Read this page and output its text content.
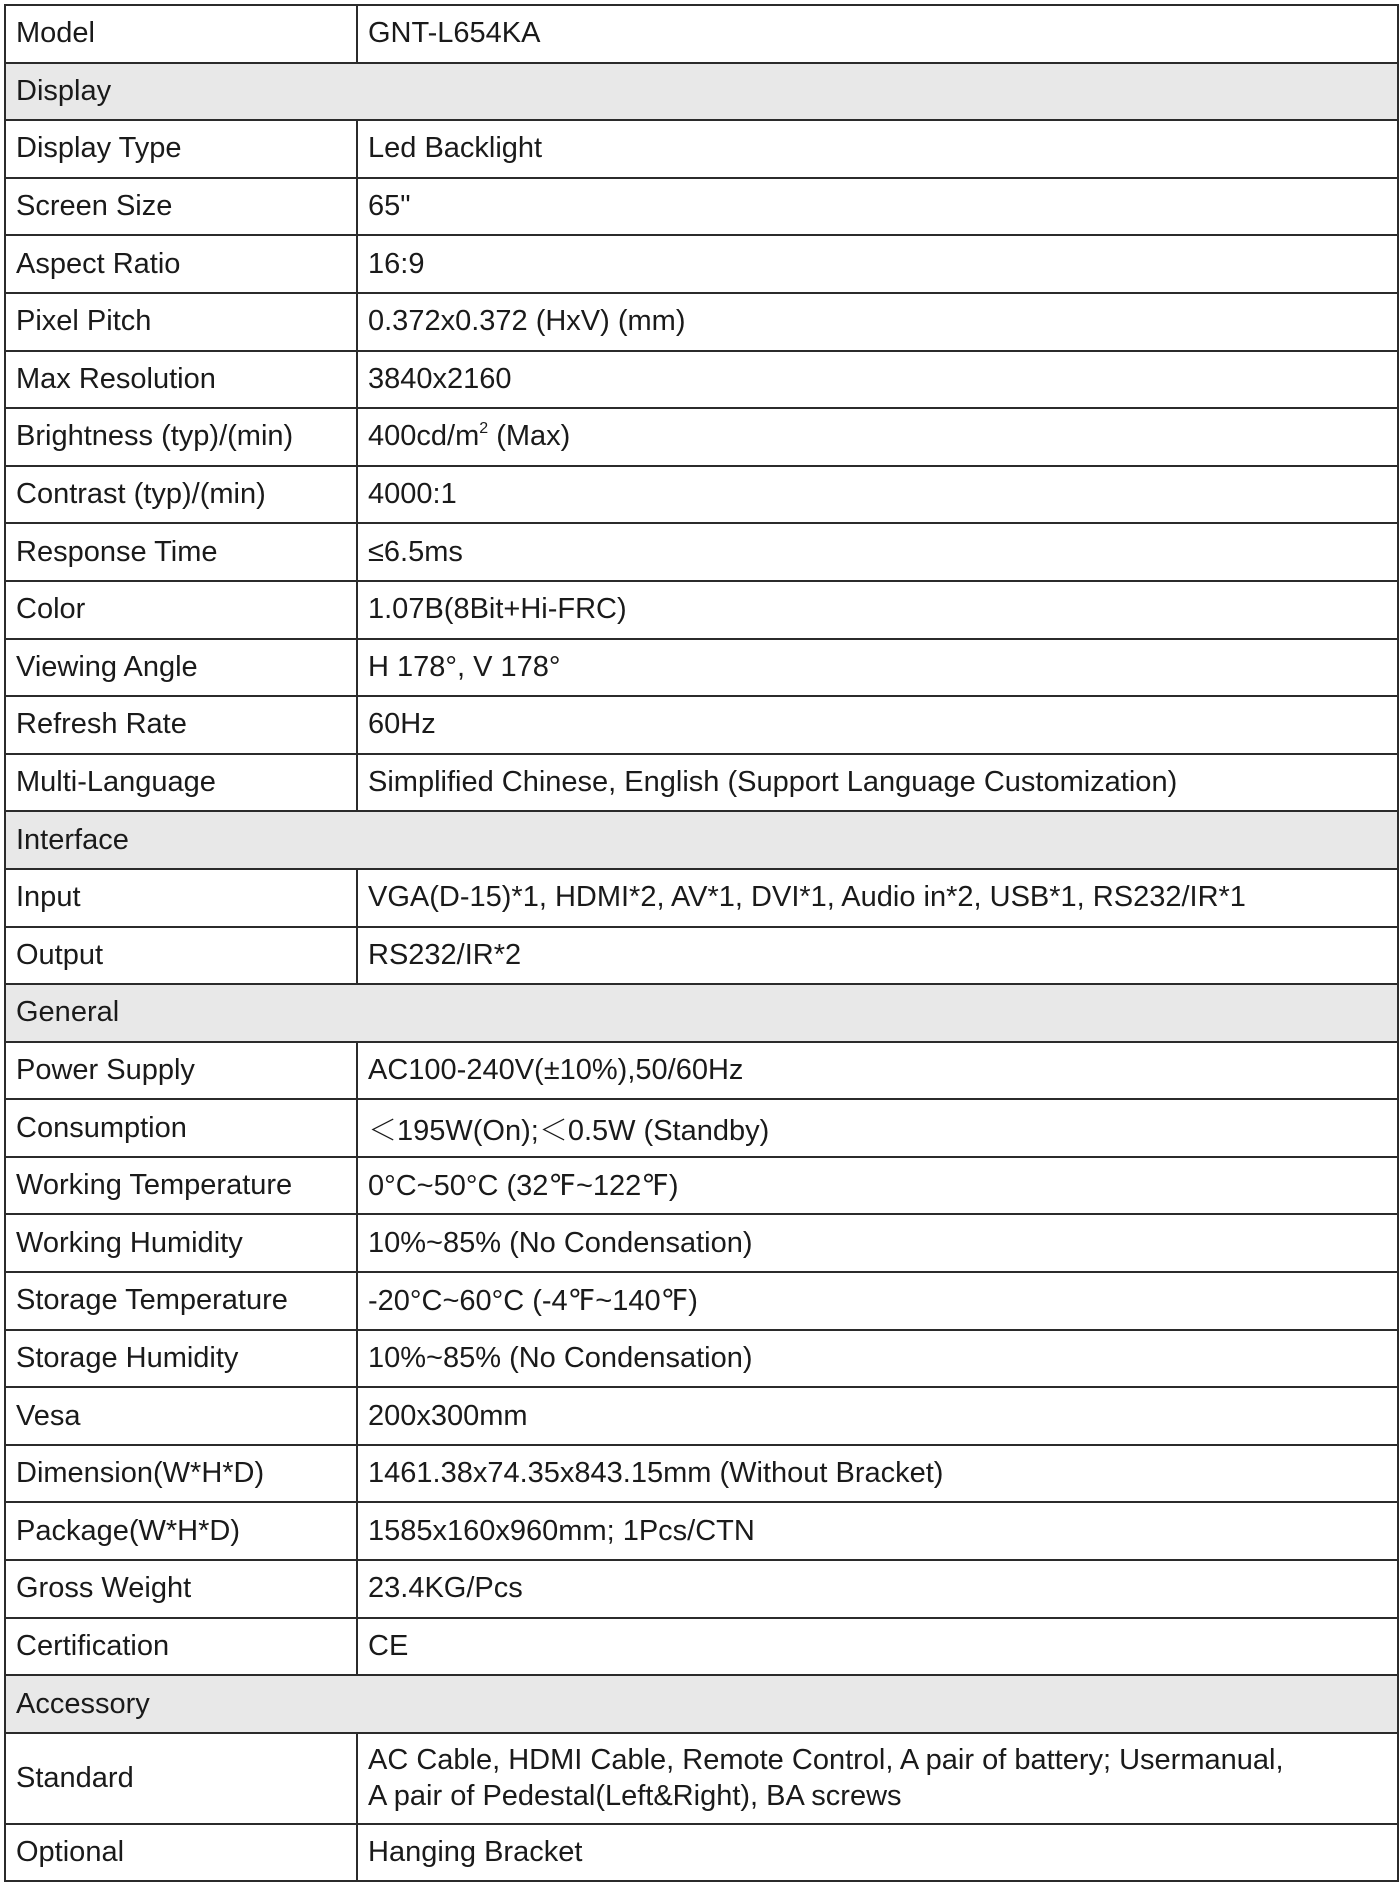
Model	GNT-L654KA
Display	
Display Type	Led Backlight
Screen Size	65"
Aspect Ratio	16:9
Pixel Pitch	0.372x0.372 (HxV) (mm)
Max Resolution	3840x2160
Brightness (typ)/(min)	$400cd/m^2$ (Max)
Contrast (typ)/(min)	4000:1
Response Time	≤6.5ms
Color	1.07B(8Bit+Hi-FRC)
Viewing Angle	H 178°, V 178°
Refresh Rate	60Hz
Multi-Language	Simplified Chinese, English (Support Language Customization)
Interface	
Input	VGA(D-15)*1, HDMI*2, AV*1, DVI*1, Audio in*2, USB*1, RS232/IR*1
Output	RS232/IR*2
General	
Power Supply	AC100-240V(±10%),50/60Hz
Consumption	＜195W(On);＜0.5W (Standby)
Working Temperature	0°C~50°C (32℉~122℉)
Working Humidity	10%~85% (No Condensation)
Storage Temperature	-20°C~60°C (-4℉~140℉)
Storage Humidity	10%~85% (No Condensation)
Vesa	200x300mm
Dimension(W*H*D)	1461.38x74.35x843.15mm (Without Bracket)
Package(W*H*D)	1585x160x960mm; 1Pcs/CTN
Gross Weight	23.4KG/Pcs
Certification	CE
Accessory	
Standard	AC Cable, HDMI Cable, Remote Control, A pair of battery; Usermanual,
A pair of Pedestal(Left&Right), BA screws

Optional	Hanging Bracket
